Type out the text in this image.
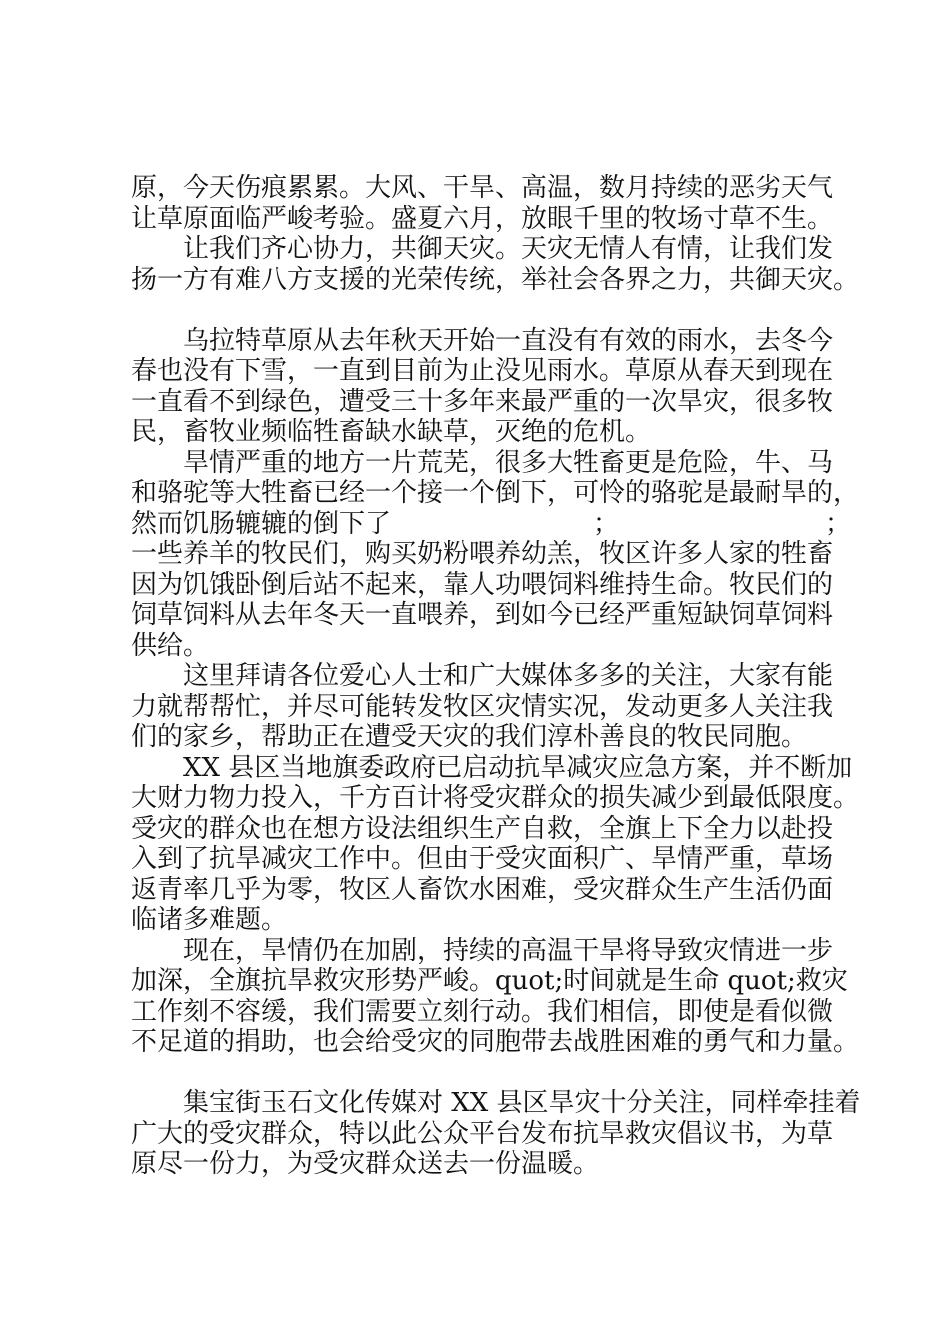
原，今天伤痕累累。大风、干旱、高温，数月持续的恶劣天气
让草原面临严峻考验。盛夏六月，放眼千里的牧场寸草不生。
让我们齐心协力，共御天灾。天灾无情人有情，让我们发
扬一方有难八方支援的光荣传统，举社会各界之力，共御天灾。
乌拉特草原从去年秋天开始一直没有有效的雨水，去冬今
春也没有下雪，一直到目前为止没见雨水。草原从春天到现在
一直看不到绿色，遭受三十多年来最严重的一次旱灾，很多牧
民，畜牧业频临牲畜缺水缺草，灭绝的危机。
旱情严重的地方一片荒芜，很多大牲畜更是危险，牛、马
和骆驼等大牲畜已经一个接一个倒下，可怜的骆驼是最耐旱的，
然而饥肠辘辘的倒下了	；	；
一些养羊的牧民们，购买奶粉喂养幼羔，牧区许多人家的牲畜
因为饥饿卧倒后站不起来，靠人功喂饲料维持生命。牧民们的
饲草饲料从去年冬天一直喂养，到如今已经严重短缺饲草饲料
供给。
这里拜请各位爱心人士和广大媒体多多的关注，大家有能
力就帮帮忙，并尽可能转发牧区灾情实况，发动更多人关注我
们的家乡，帮助正在遭受天灾的我们淳朴善良的牧民同胞。
XX 县区当地旗委政府已启动抗旱减灾应急方案，并不断加
大财力物力投入，千方百计将受灾群众的损失减少到最低限度。
受灾的群众也在想方设法组织生产自救，全旗上下全力以赴投
入到了抗旱减灾工作中。但由于受灾面积广、旱情严重，草场
返青率几乎为零，牧区人畜饮水困难，受灾群众生产生活仍面
临诸多难题。
现在，旱情仍在加剧，持续的高温干旱将导致灾情进一步
加深，全旗抗旱救灾形势严峻。quot;时间就是生命 quot;救灾
工作刻不容缓，我们需要立刻行动。我们相信，即使是看似微
不足道的捐助，也会给受灾的同胞带去战胜困难的勇气和力量。
集宝街玉石文化传媒对 XX 县区旱灾十分关注，同样牵挂着
广大的受灾群众，特以此公众平台发布抗旱救灾倡议书，为草
原尽一份力，为受灾群众送去一份温暖。
